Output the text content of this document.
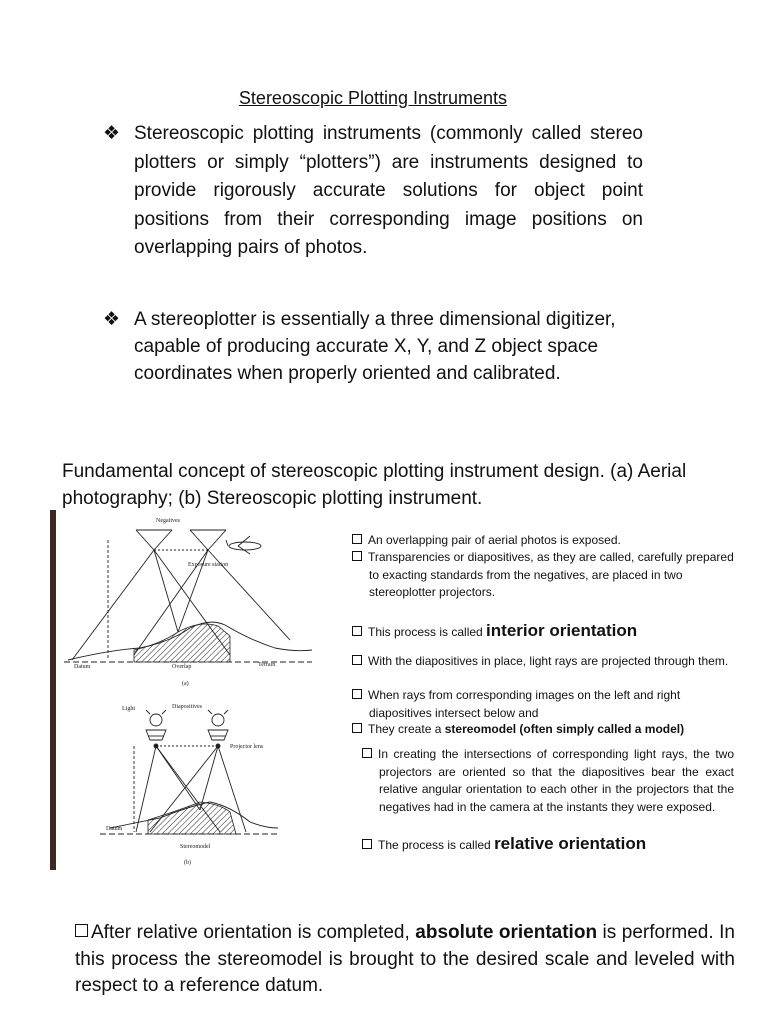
Stereoscopic Plotting Instruments
❖ Stereoscopic plotting instruments (commonly called stereo plotters or simply “plotters”) are instruments designed to provide rigorously accurate solutions for object point positions from their corresponding image positions on overlapping pairs of photos.
❖ A stereoplotter is essentially a three dimensional digitizer, capable of producing accurate X, Y, and Z object space coordinates when properly oriented and calibrated.
Fundamental concept of stereoscopic plotting instrument design. (a) Aerial photography; (b) Stereoscopic plotting instrument.
Negatives
Exposure station
Overlap	Terrain
Datum
(a)
Light	Diapositives
Projector lens
Datum
Stereomodel
(b)
An overlapping pair of aerial photos is exposed.
Transparencies or diapositives, as they are called, carefully prepared to exacting standards from the negatives, are placed in two stereoplotter projectors.
This process is called interior orientation
With the diapositives in place, light rays are projected through them.
When rays from corresponding images on the left and right diapositives intersect below and
They create a stereomodel (often simply called a model)
In creating the intersections of corresponding light rays, the two projectors are oriented so that the diapositives bear the exact relative angular orientation to each other in the projectors that the negatives had in the camera at the instants they were exposed.
The process is called relative orientation
After relative orientation is completed, absolute orientation is performed. In this process the stereomodel is brought to the desired scale and leveled with respect to a reference datum.
